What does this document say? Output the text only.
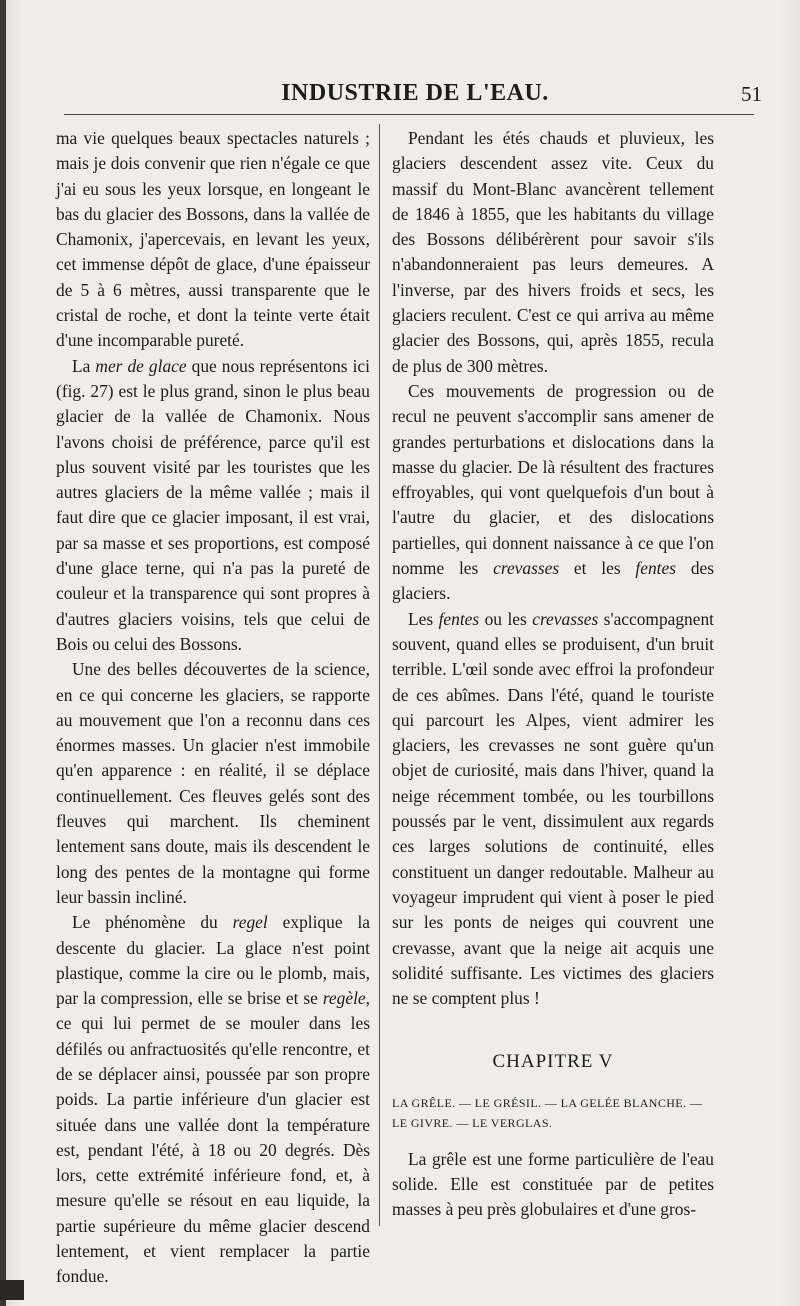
INDUSTRIE DE L'EAU.	51

ma vie quelques beaux spectacles naturels ; mais je dois convenir que rien n'égale ce que j'ai eu sous les yeux lorsque, en longeant le bas du glacier des Bossons, dans la vallée de Chamonix, j'apercevais, en levant les yeux, cet immense dépôt de glace, d'une épaisseur de 5 à 6 mètres, aussi transparente que le cristal de roche, et dont la teinte verte était d'une incomparable pureté.

La mer de glace que nous représentons ici (fig. 27) est le plus grand, sinon le plus beau glacier de la vallée de Chamonix. Nous l'avons choisi de préférence, parce qu'il est plus souvent visité par les touristes que les autres glaciers de la même vallée ; mais il faut dire que ce glacier imposant, il est vrai, par sa masse et ses proportions, est composé d'une glace terne, qui n'a pas la pureté de couleur et la transparence qui sont propres à d'autres glaciers voisins, tels que celui de Bois ou celui des Bossons.

Une des belles découvertes de la science, en ce qui concerne les glaciers, se rapporte au mouvement que l'on a reconnu dans ces énormes masses. Un glacier n'est immobile qu'en apparence : en réalité, il se déplace continuellement. Ces fleuves gelés sont des fleuves qui marchent. Ils cheminent lentement sans doute, mais ils descendent le long des pentes de la montagne qui forme leur bassin incliné.

Le phénomène du regel explique la descente du glacier. La glace n'est point plastique, comme la cire ou le plomb, mais, par la compression, elle se brise et se regèle, ce qui lui permet de se mouler dans les défilés ou anfractuosités qu'elle rencontre, et de se déplacer ainsi, poussée par son propre poids. La partie inférieure d'un glacier est située dans une vallée dont la température est, pendant l'été, à 18 ou 20 degrés. Dès lors, cette extrémité inférieure fond, et, à mesure qu'elle se résout en eau liquide, la partie supérieure du même glacier descend lentement, et vient remplacer la partie fondue.

Pendant les étés chauds et pluvieux, les glaciers descendent assez vite. Ceux du massif du Mont-Blanc avancèrent tellement de 1846 à 1855, que les habitants du village des Bossons délibérèrent pour savoir s'ils n'abandonneraient pas leurs demeures. A l'inverse, par des hivers froids et secs, les glaciers reculent. C'est ce qui arriva au même glacier des Bossons, qui, après 1855, recula de plus de 300 mètres.

Ces mouvements de progression ou de recul ne peuvent s'accomplir sans amener de grandes perturbations et dislocations dans la masse du glacier. De là résultent des fractures effroyables, qui vont quelquefois d'un bout à l'autre du glacier, et des dislocations partielles, qui donnent naissance à ce que l'on nomme les crevasses et les fentes des glaciers.

Les fentes ou les crevasses s'accompagnent souvent, quand elles se produisent, d'un bruit terrible. L'œil sonde avec effroi la profondeur de ces abîmes. Dans l'été, quand le touriste qui parcourt les Alpes, vient admirer les glaciers, les crevasses ne sont guère qu'un objet de curiosité, mais dans l'hiver, quand la neige récemment tombée, ou les tourbillons poussés par le vent, dissimulent aux regards ces larges solutions de continuité, elles constituent un danger redoutable. Malheur au voyageur imprudent qui vient à poser le pied sur les ponts de neiges qui couvrent une crevasse, avant que la neige ait acquis une solidité suffisante. Les victimes des glaciers ne se comptent plus !

CHAPITRE V
LA GRÊLE. — LE GRÉSIL. — LA GELÉE BLANCHE. — LE GIVRE. — LE VERGLAS.

La grêle est une forme particulière de l'eau solide. Elle est constituée par de petites masses à peu près globulaires et d'une gros-
